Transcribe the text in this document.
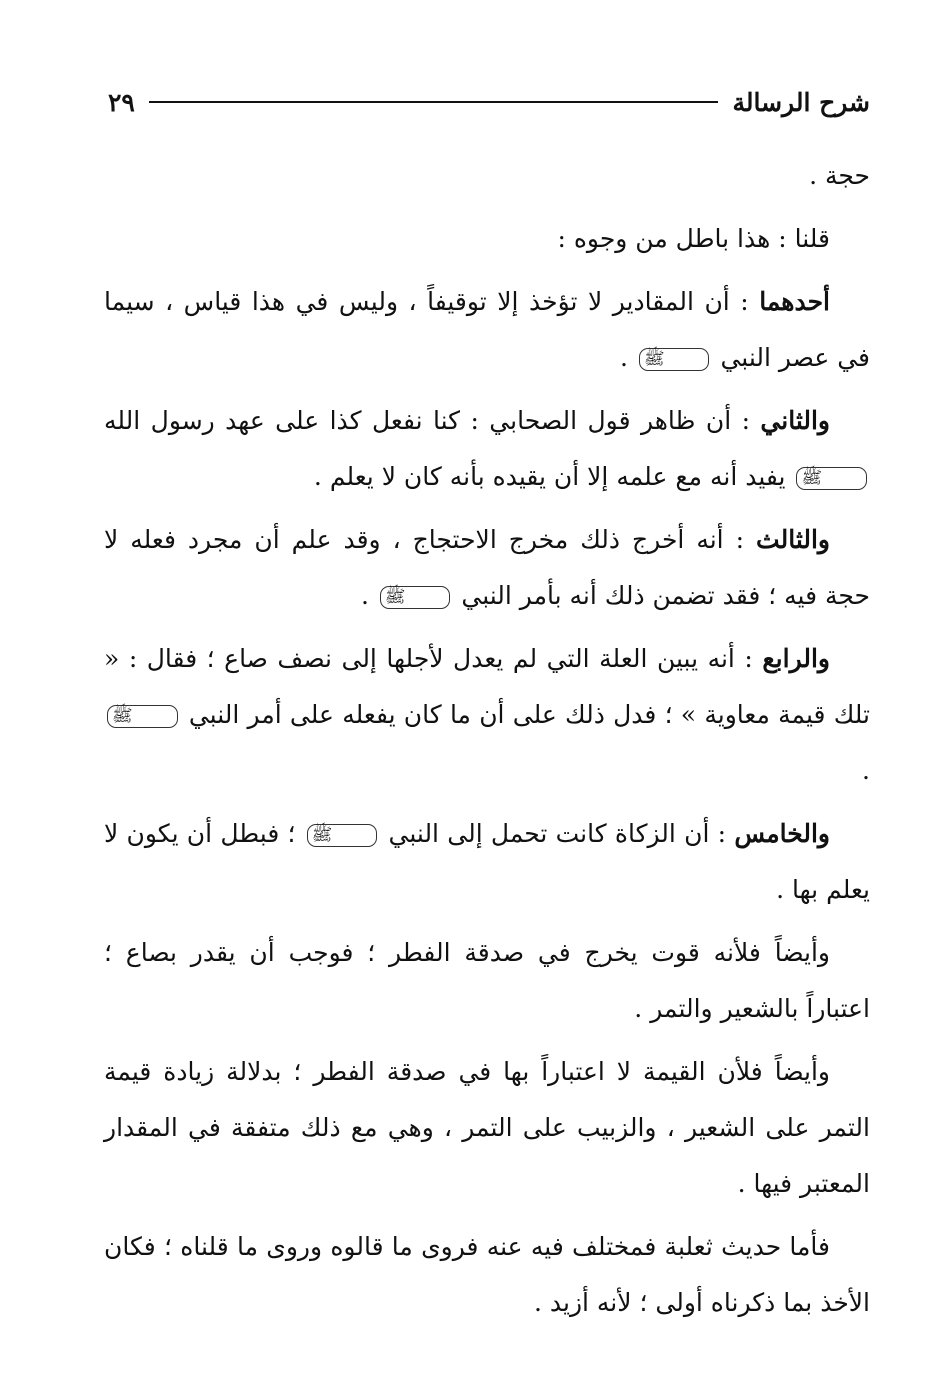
شرح الرسالة
٢٩

حجة .

قلنا : هذا باطل من وجوه :

أحدهما : أن المقادير لا تؤخذ إلا توقيفاً ، وليس في هذا قياس ، سيما في عصر النبي ﷺ .

والثاني : أن ظاهر قول الصحابي : كنا نفعل كذا على عهد رسول الله ﷺ يفيد أنه مع علمه إلا أن يقيده بأنه كان لا يعلم .

والثالث : أنه أخرج ذلك مخرج الاحتجاج ، وقد علم أن مجرد فعله لا حجة فيه ؛ فقد تضمن ذلك أنه بأمر النبي ﷺ .

والرابع : أنه يبين العلة التي لم يعدل لأجلها إلى نصف صاع ؛ فقال : « تلك قيمة معاوية » ؛ فدل ذلك على أن ما كان يفعله على أمر النبي ﷺ .

والخامس : أن الزكاة كانت تحمل إلى النبي ﷺ ؛ فبطل أن يكون لا يعلم بها .

وأيضاً فلأنه قوت يخرج في صدقة الفطر ؛ فوجب أن يقدر بصاع ؛ اعتباراً بالشعير والتمر .

وأيضاً فلأن القيمة لا اعتباراً بها في صدقة الفطر ؛ بدلالة زيادة قيمة التمر على الشعير ، والزبيب على التمر ، وهي مع ذلك متفقة في المقدار المعتبر فيها .

فأما حديث ثعلبة فمختلف فيه عنه فروى ما قالوه وروى ما قلناه ؛ فكان الأخذ بما ذكرناه أولى ؛ لأنه أزيد .
